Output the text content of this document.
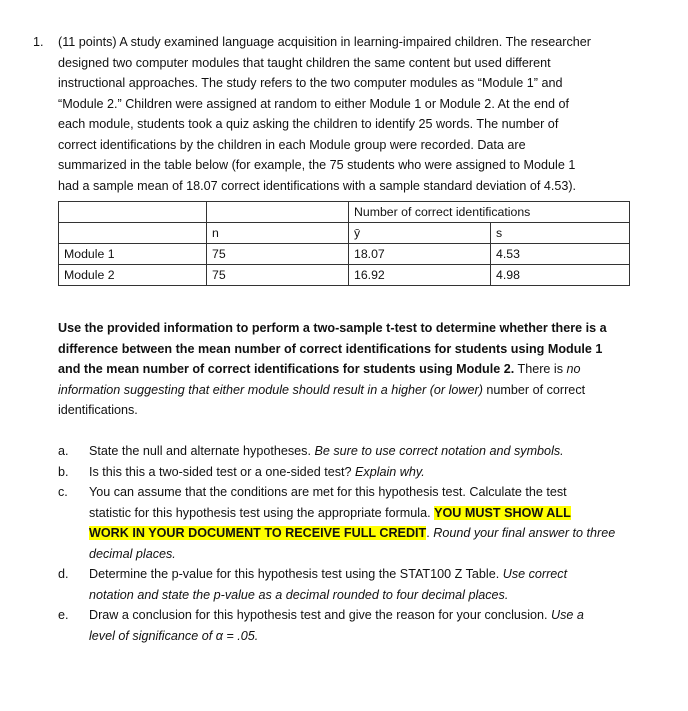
1. (11 points) A study examined language acquisition in learning-impaired children. The researcher
designed two computer modules that taught children the same content but used different
instructional approaches. The study refers to the two computer modules as “Module 1” and
“Module 2.” Children were assigned at random to either Module 1 or Module 2. At the end of
each module, students took a quiz asking the children to identify 25 words. The number of
correct identifications by the children in each Module group were recorded. Data are
summarized in the table below (for example, the 75 students who were assigned to Module 1
had a sample mean of 18.07 correct identifications with a sample standard deviation of 4.53).
		Number of correct identifications	
	n	ȳ	s
Module 1	75	18.07	4.53
Module 2	75	16.92	4.98
Use the provided information to perform a two-sample t-test to determine whether there is a
difference between the mean number of correct identifications for students using Module 1
and the mean number of correct identifications for students using Module 2. There is no
information suggesting that either module should result in a higher (or lower) number of correct
identifications.
a. State the null and alternate hypotheses. Be sure to use correct notation and symbols.
b. Is this this a two-sided test or a one-sided test? Explain why.
c. You can assume that the conditions are met for this hypothesis test. Calculate the test
statistic for this hypothesis test using the appropriate formula. YOU MUST SHOW ALL
WORK IN YOUR DOCUMENT TO RECEIVE FULL CREDIT. Round your final answer to three
decimal places.
d. Determine the p-value for this hypothesis test using the STAT100 Z Table. Use correct
notation and state the p-value as a decimal rounded to four decimal places.
e. Draw a conclusion for this hypothesis test and give the reason for your conclusion. Use a
level of significance of α = .05.
